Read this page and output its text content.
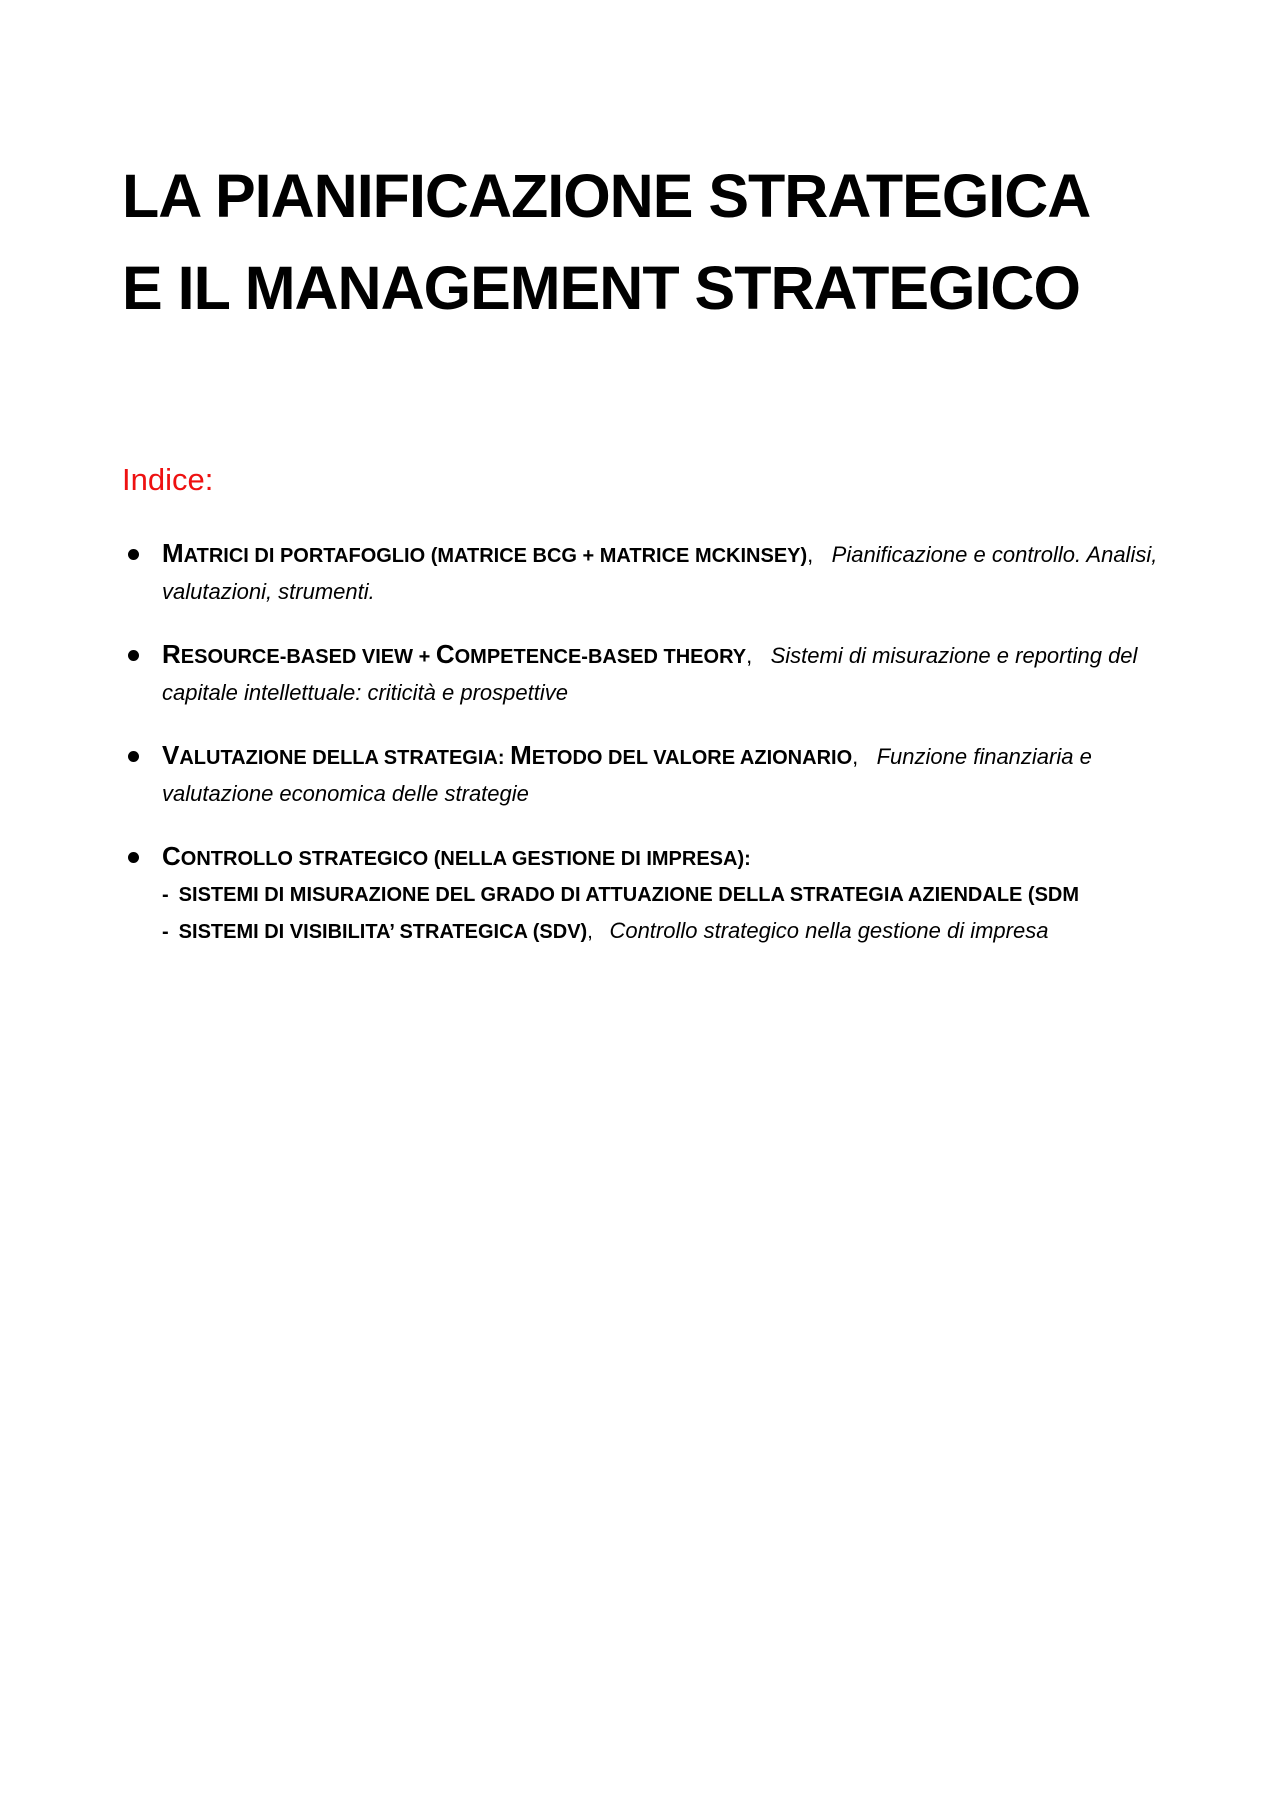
LA PIANIFICAZIONE STRATEGICA
E IL MANAGEMENT STRATEGICO
Indice:
MATRICI DI PORTAFOGLIO (MATRICE BCG + MATRICE MCKINSEY), Pianificazione e controllo. Analisi, valutazioni, strumenti.
RESOURCE-BASED VIEW + COMPETENCE-BASED THEORY, Sistemi di misurazione e reporting del capitale intellettuale: criticità e prospettive
VALUTAZIONE DELLA STRATEGIA: METODO DEL VALORE AZIONARIO, Funzione finanziaria e valutazione economica delle strategie
CONTROLLO STRATEGICO (NELLA GESTIONE DI IMPRESA):
- SISTEMI DI MISURAZIONE DEL GRADO DI ATTUAZIONE DELLA STRATEGIA AZIENDALE (SDM
- SISTEMI DI VISIBILITA’ STRATEGICA (SDV), Controllo strategico nella gestione di impresa
